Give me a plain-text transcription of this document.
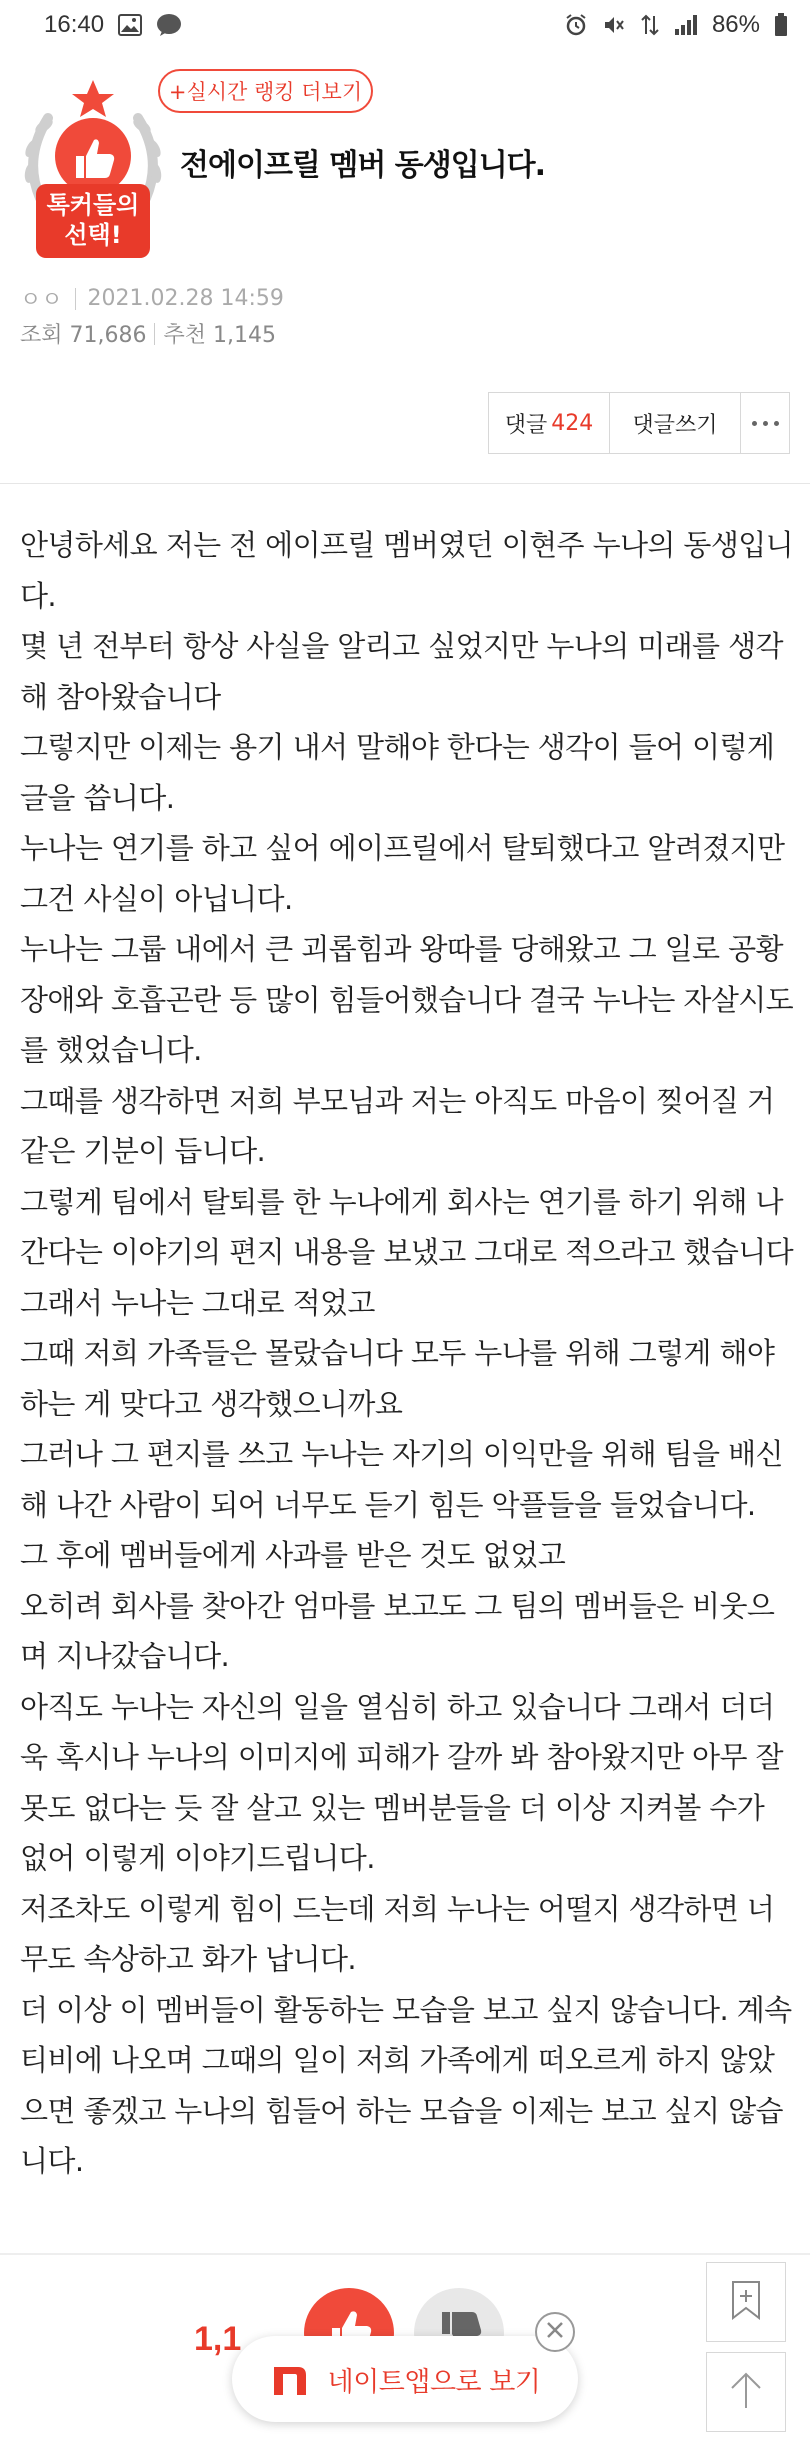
16:40	86%
톡커들의
선택!
+실시간 랭킹 더보기
전에이프릴 멤버 동생입니다.
ㅇㅇ 2021.02.28 14:59
조회 71,686 추천 1,145
댓글 424	댓글쓰기

안녕하세요 저는 전 에이프릴 멤버였던 이현주 누나의 동생입니다.

몇 년 전부터 항상 사실을 알리고 싶었지만 누나의 미래를 생각해 참아왔습니다

그렇지만 이제는 용기 내서 말해야 한다는 생각이 들어 이렇게 글을 씁니다.

누나는 연기를 하고 싶어 에이프릴에서 탈퇴했다고 알려졌지만 그건 사실이 아닙니다.

누나는 그룹 내에서 큰 괴롭힘과 왕따를 당해왔고 그 일로 공황장애와 호흡곤란 등 많이 힘들어했습니다 결국 누나는 자살시도를 했었습니다.

그때를 생각하면 저희 부모님과 저는 아직도 마음이 찢어질 거 같은 기분이 듭니다.

그렇게 팀에서 탈퇴를 한 누나에게 회사는 연기를 하기 위해 나간다는 이야기의 편지 내용을 보냈고 그대로 적으라고 했습니다 그래서 누나는 그대로 적었고

그때 저희 가족들은 몰랐습니다 모두 누나를 위해 그렇게 해야 하는 게 맞다고 생각했으니까요

그러나 그 편지를 쓰고 누나는 자기의 이익만을 위해 팀을 배신해 나간 사람이 되어 너무도 듣기 힘든 악플들을 들었습니다.

그 후에 멤버들에게 사과를 받은 것도 없었고

오히려 회사를 찾아간 엄마를 보고도 그 팀의 멤버들은 비웃으며 지나갔습니다.

아직도 누나는 자신의 일을 열심히 하고 있습니다 그래서 더더욱 혹시나 누나의 이미지에 피해가 갈까 봐 참아왔지만 아무 잘못도 없다는 듯 잘 살고 있는 멤버분들을 더 이상 지켜볼 수가 없어 이렇게 이야기드립니다.

저조차도 이렇게 힘이 드는데 저희 누나는 어떨지 생각하면 너무도 속상하고 화가 납니다.

더 이상 이 멤버들이 활동하는 모습을 보고 싶지 않습니다. 계속 티비에 나오며 그때의 일이 저희 가족에게 떠오르게 하지 않았으면 좋겠고 누나의 힘들어 하는 모습을 이제는 보고 싶지 않습니다.

1,1
네이트앱으로 보기
